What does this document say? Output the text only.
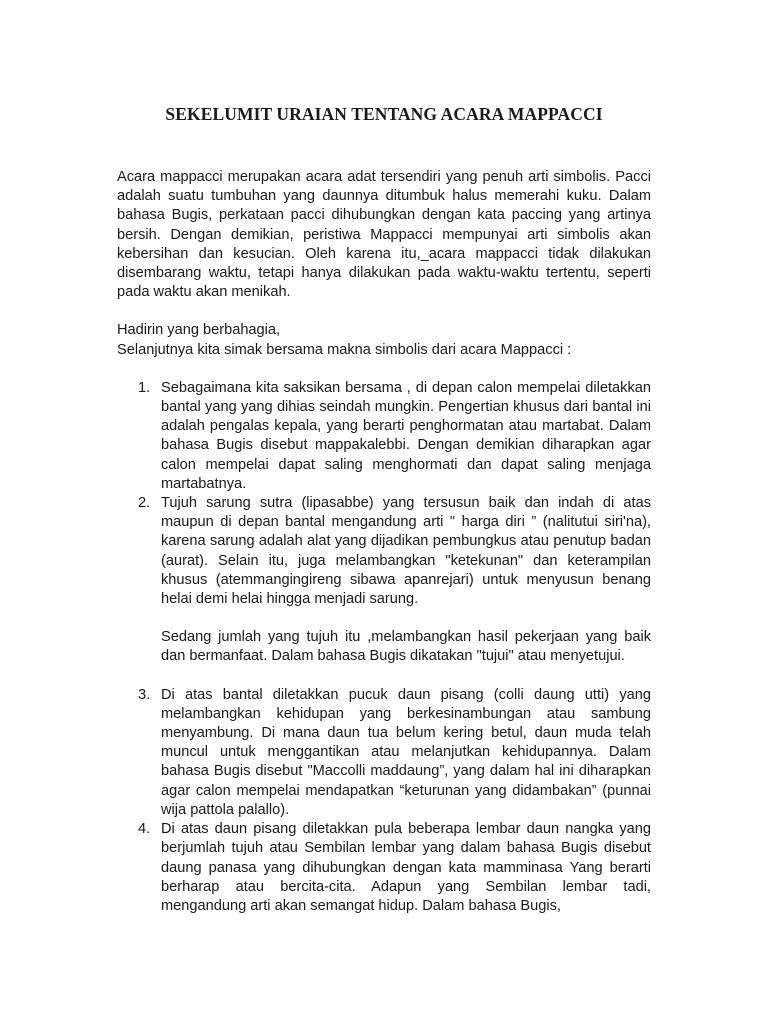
SEKELUMIT URAIAN TENTANG ACARA MAPPACCI

Acara mappacci merupakan acara adat tersendiri yang penuh arti simbolis. Pacci adalah suatu tumbuhan yang daunnya ditumbuk halus memerahi kuku. Dalam bahasa Bugis, perkataan pacci dihubungkan dengan kata paccing yang artinya bersih. Dengan demikian, peristiwa Mappacci mempunyai arti simbolis akan kebersihan dan kesucian. Oleh karena itu,_acara mappacci tidak dilakukan disembarang waktu, tetapi hanya dilakukan pada waktu-waktu tertentu, seperti pada waktu akan menikah.

Hadirin yang berbahagia,

Selanjutnya kita simak bersama makna simbolis dari acara Mappacci :

1. Sebagaimana kita saksikan bersama , di depan calon mempelai diletakkan bantal yang yang dihias seindah mungkin. Pengertian khusus dari bantal ini adalah pengalas kepala, yang berarti penghormatan atau martabat. Dalam bahasa Bugis disebut mappakalebbi. Dengan demikian diharapkan agar calon mempelai dapat saling menghormati dan dapat saling menjaga martabatnya.
2. Tujuh sarung sutra (lipasabbe) yang tersusun baik dan indah di atas maupun di depan bantal mengandung arti " harga diri ” (nalitutui siri'na), karena sarung adalah alat yang dijadikan pembungkus atau penutup badan (aurat). Selain itu, juga melambangkan "ketekunan" dan keterampilan khusus (atemmangingireng sibawa apanrejari) untuk menyusun benang helai demi helai hingga menjadi sarung.

Sedang jumlah yang tujuh itu ,melambangkan hasil pekerjaan yang baik dan bermanfaat. Dalam bahasa Bugis dikatakan "tujui" atau menyetujui.

3. Di atas bantal diletakkan pucuk daun pisang (colli daung utti) yang melambangkan kehidupan yang berkesinambungan atau sambung menyambung. Di mana daun tua belum kering betul, daun muda telah muncul untuk menggantikan atau melanjutkan kehidupannya. Dalam bahasa Bugis disebut "Maccolli maddaung”, yang dalam hal ini diharapkan agar calon mempelai mendapatkan “keturunan yang didambakan” (punnai wija pattola palallo).
4. Di atas daun pisang diletakkan pula beberapa lembar daun nangka yang berjumlah tujuh atau Sembilan lembar yang dalam bahasa Bugis disebut daung panasa yang dihubungkan dengan kata mamminasa Yang berarti berharap atau bercita-cita. Adapun yang Sembilan lembar tadi, mengandung arti akan semangat hidup. Dalam bahasa Bugis,
